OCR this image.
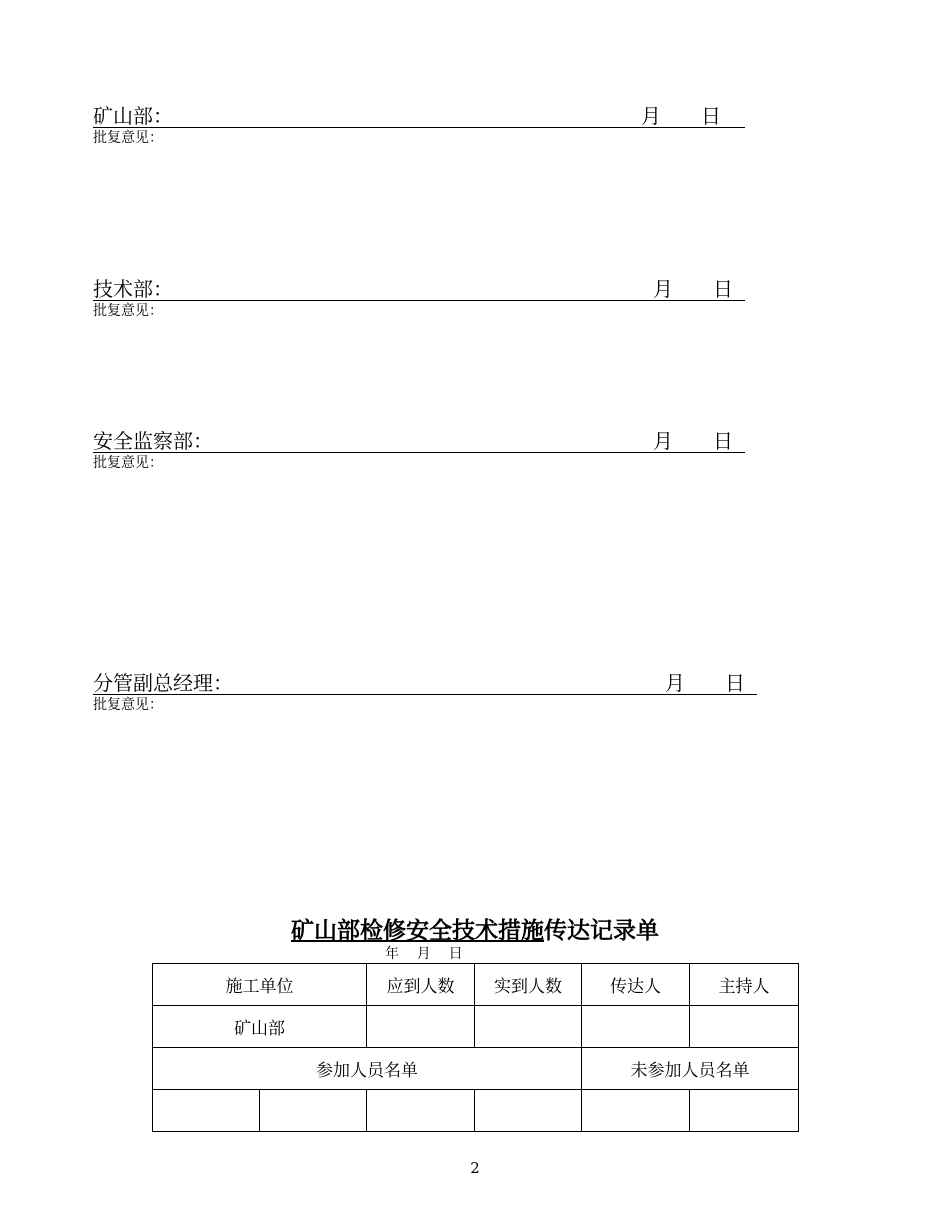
矿山部：	月 日
批复意见：
技术部：	月 日
批复意见：
安全监察部：	月 日
批复意见：
分管副总经理：	月 日
批复意见：
矿山部检修安全技术措施传达记录单
年    月    日
施工单位		应到人数	实到人数	传达人	主持人
矿山部					
参加人员名单				未参加人员名单	

2
